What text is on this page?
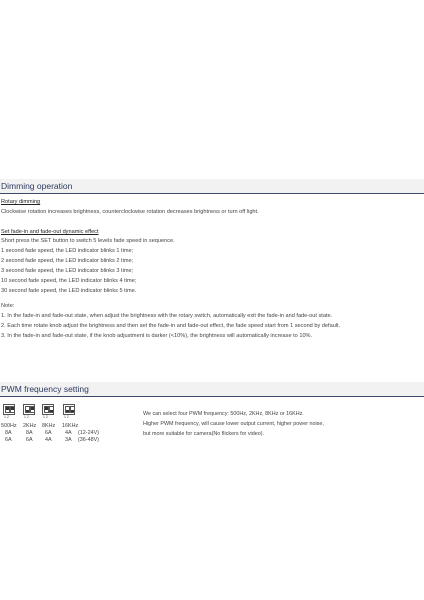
Dimming operation
Rotary dimming
Clockwise rotation increases brightness, counterclockwise rotation decreases brightness or turn off light.
Set fade-in and fade-out dynamic effect
Short press the SET button to switch 5 levels fade speed in sequence.
1 second fade speed, the LED indicator blinks 1 time;
2 second fade speed, the LED indicator blinks 2 time;
3 second fade speed, the LED indicator blinks 3 time;
10 second fade speed, the LED indicator blinks 4 time;
30 second fade speed, the LED indicator blinks 5 time.
Note:
1. In the fade-in and fade-out state, when adjust the brightness with the rotary switch, automatically exit the fade-in and fade-out state.
2. Each time rotate knob adjust the brightness and then set the fade-in and fade-out effect, the fade speed start from 1 second by default.
3. In the fade-in and fade-out state, if the knob adjustment is darker (<10%), the brightness will automatically increase to 10%.
PWM frequency setting
1 2	1 2	1 2	1 2
500Hz 2KHz 8KHz 16KHz
8A	8A 6A 4A (12-24V)
6A	6A 4A 3A (36-48V)
We can select four PWM frequency: 500Hz, 2KHz, 8KHz or 16KHz.
Higher PWM frequency, will cause lower output current, higher power noise,
but more suitable for camera(No flickers for video).
